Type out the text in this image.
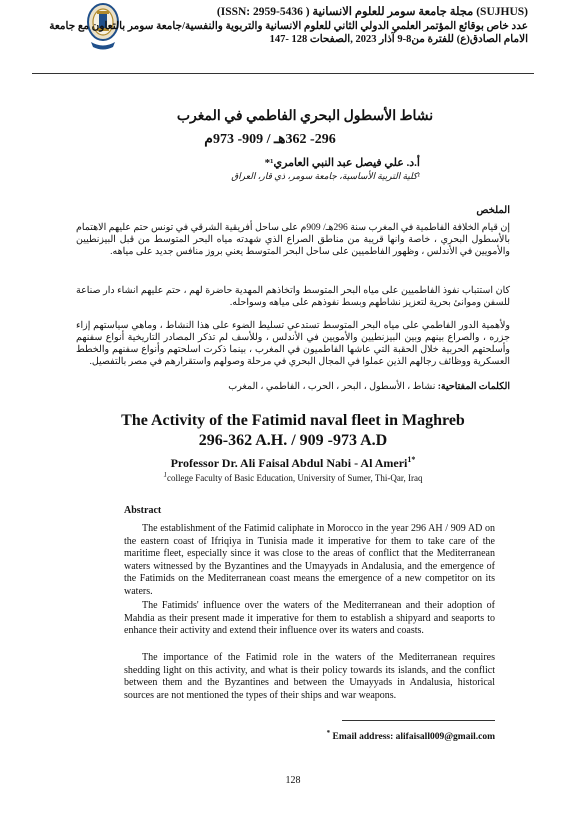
(SUJHUS) مجلة جامعة سومر للعلوم الانسانية ( ISSN: 2959-5436)
عدد خاص بوقائع المؤتمر العلمي الدولي الثاني للعلوم الانسانية والتربوية والنفسية/جامعة سومر بالتعاون مع جامعة الامام الصادق(ع) للفترة من8-9 آذار 2023 ,الصفحات 128 -147
نشاط الأسطول البحري الفاطمي في المغرب
296- 362هـ / 909- 973م
أ.د. علي فيصل عبد النبي العامري¹*
¹كلية التربية الأساسية، جامعة سومر، ذي قار، العراق
الملخص
إن قيام الخلافة الفاطمية في المغرب سنة 296هـ/ 909م على ساحل أفريقية الشرقي في تونس حتم عليهم الاهتمام بالأسطول البحري ، خاصة وانها قريبة من مناطق الصراع الذي شهدته مياه البحر المتوسط من قبل البيزنطيين والأمويين في الأندلس ، وظهور الفاطميين على ساحل البحر المتوسط يعني بروز منافس جديد على مياهه.
كان استتباب نفوذ الفاطميين على مياه البحر المتوسط واتخاذهم المهدية حاضرة لهم ، حتم عليهم انشاء دار صناعة للسفن وموانئ بحرية لتعزيز نشاطهم وبسط نفوذهم على مياهه وسواحله.
ولأهمية الدور الفاطمي على مياه البحر المتوسط تستدعي تسليط الضوء على هذا النشاط ، وماهي سياستهم إزاء جزره ، والصراع بينهم وبين البيزنطيين والأمويين في الأندلس ، وللأسف لم تذكر المصادر التاريخية أنواع سفنهم وأسلحتهم الحربية خلال الحقبة التي عاشها الفاطميون في المغرب ، بينما ذكرت اسلحتهم وأنواع سفنهم والخطط العسكرية ووظائف رجالهم الذين عملوا في المجال البحري في مرحلة وصولهم واستقرارهم في مصر بالتفصيل.
الكلمات المفتاحية: نشاط ، الأسطول ، البحر ، الحرب ، الفاطمي ، المغرب
The Activity of the Fatimid naval fleet in Maghreb
296-362 A.H. / 909 -973 A.D
Professor Dr. Ali Faisal Abdul Nabi - Al Ameri$^{1*}$
$^1$college Faculty of Basic Education, University of Sumer, Thi-Qar, Iraq
Abstract
The establishment of the Fatimid caliphate in Morocco in the year 296 AH / 909 AD on the eastern coast of Ifriqiya in Tunisia made it imperative for them to take care of the maritime fleet, especially since it was close to the areas of conflict that the Mediterranean waters witnessed by the Byzantines and the Umayyads in Andalusia, and the emergence of the Fatimids on the Mediterranean coast means the emergence of a new competitor on its waters.
The Fatimids' influence over the waters of the Mediterranean and their adoption of Mahdia as their present made it imperative for them to establish a shipyard and seaports to enhance their activity and extend their influence over its waters and coasts.
The importance of the Fatimid role in the waters of the Mediterranean requires shedding light on this activity, and what is their policy towards its islands, and the conflict between them and the Byzantines and between the Umayyads in Andalusia, historical sources are not mentioned the types of their ships and war weapons.
* Email address: alifaisall009@gmail.com
128
